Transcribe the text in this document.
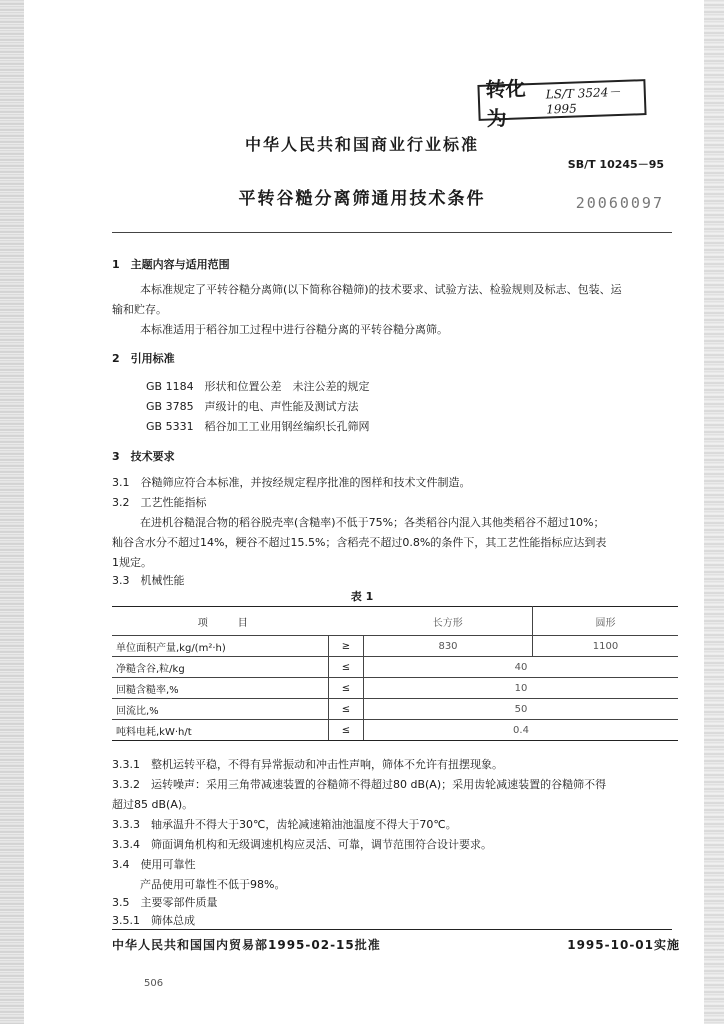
转化为
LS/T 3524－1995
中华人民共和国商业行业标准
SB/T 10245－95
平转谷糙分离筛通用技术条件	20060097
1　主题内容与适用范围
本标准规定了平转谷糙分离筛(以下简称谷糙筛)的技术要求、试验方法、检验规则及标志、包装、运
输和贮存。
本标准适用于稻谷加工过程中进行谷糙分离的平转谷糙分离筛。
2　引用标准
GB 1184　形状和位置公差　未注公差的规定
GB 3785　声级计的电、声性能及测试方法
GB 5331　稻谷加工工业用钢丝编织长孔筛网
3　技术要求
3.1　谷糙筛应符合本标准，并按经规定程序批准的图样和技术文件制造。
3.2　工艺性能指标
在进机谷糙混合物的稻谷脱壳率(含糙率)不低于75%；各类稻谷内混入其他类稻谷不超过10%；
籼谷含水分不超过14%，粳谷不超过15.5%；含稻壳不超过0.8%的条件下，其工艺性能指标应达到表
1规定。
3.3　机械性能
表 1
项目		长方形	圆形
单位面积产量,kg/(m²·h)	≥	830	1100
净糙含谷,粒/kg	≤	40	
回糙含糙率,%	≤	10	
回流比,%	≤	50	
吨料电耗,kW·h/t	≤	0.4	
3.3.1　整机运转平稳，不得有异常振动和冲击性声响，筛体不允许有扭摆现象。
3.3.2　运转噪声：采用三角带减速装置的谷糙筛不得超过80 dB(A)；采用齿轮减速装置的谷糙筛不得
超过85 dB(A)。
3.3.3　轴承温升不得大于30℃，齿轮减速箱油池温度不得大于70℃。
3.3.4　筛面调角机构和无级调速机构应灵活、可靠，调节范围符合设计要求。
3.4　使用可靠性
产品使用可靠性不低于98%。
3.5　主要零部件质量
3.5.1　筛体总成
中华人民共和国国内贸易部1995-02-15批准	1995-10-01实施
506
